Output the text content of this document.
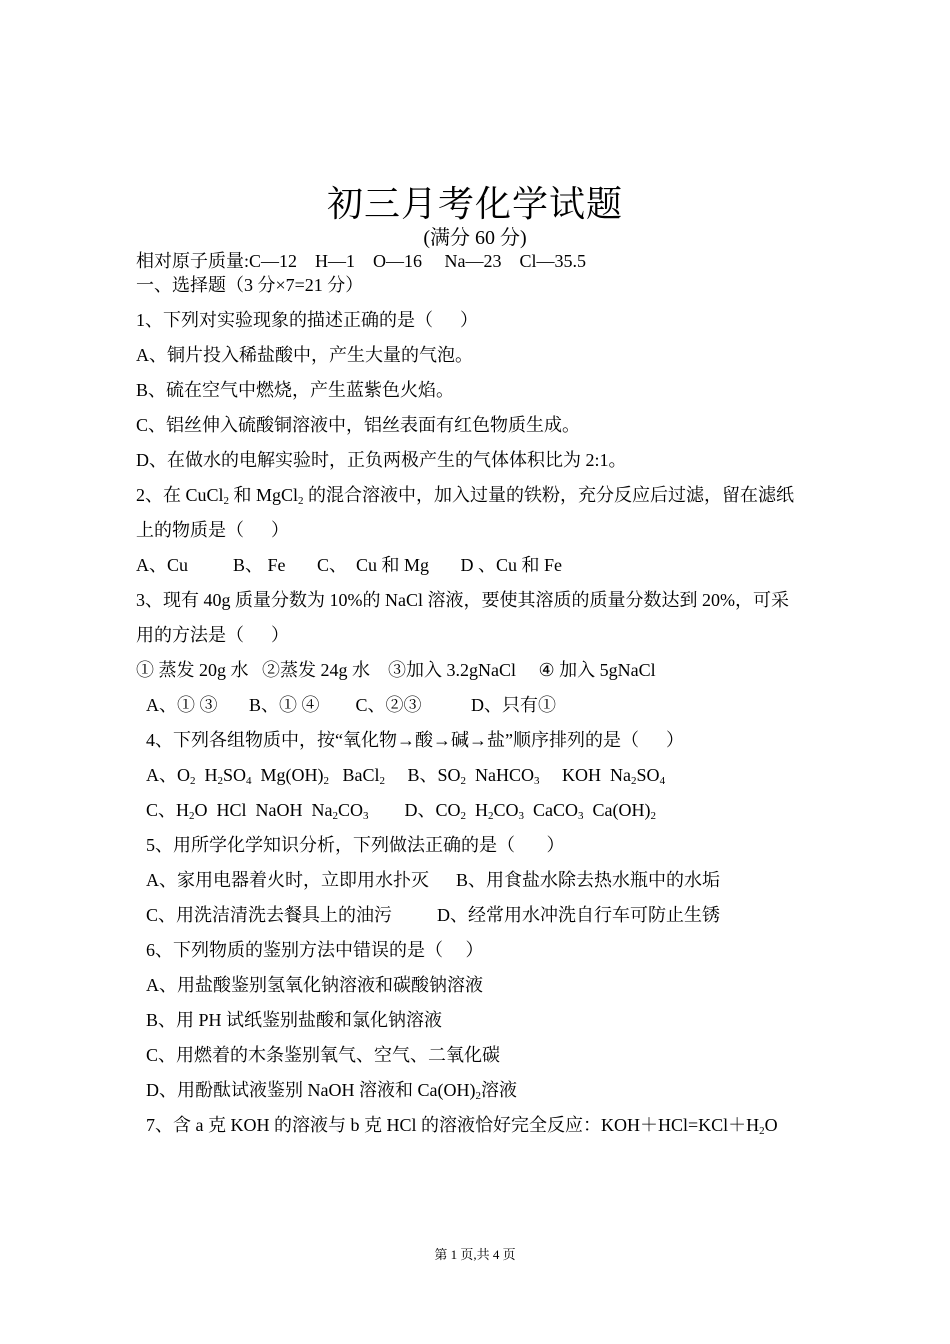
初三月考化学试题
(满分 60 分)
相对原子质量:C—12    H—1    O—16     Na—23    Cl—35.5
一、选择题（3 分×7=21 分）
1、下列对实验现象的描述正确的是（      ）
A、铜片投入稀盐酸中，产生大量的气泡。
B、硫在空气中燃烧，产生蓝紫色火焰。
C、铝丝伸入硫酸铜溶液中，铝丝表面有红色物质生成。
D、在做水的电解实验时，正负两极产生的气体体积比为 2:1。
2、在 CuCl$_2$ 和 MgCl$_2$ 的混合溶液中，加入过量的铁粉，充分反应后过滤，留在滤纸
上的物质是（      ）
A、Cu          B、 Fe       C、  Cu 和 Mg       D 、Cu 和 Fe
3、现有 40g 质量分数为 10%的 NaCl 溶液，要使其溶质的质量分数达到 20%，可采
用的方法是（      ）
① 蒸发 20g 水   ②蒸发 24g 水    ③加入 3.2gNaCl     ④ 加入 5gNaCl
A、① ③       B、① ④        C、②③           D、只有①
4、下列各组物质中，按“氧化物→酸→碱→盐”顺序排列的是（      ）
A、$O_2$  $H_2SO_4$  $Mg(OH)_2$   BaCl$_2$     B、$SO_2$  NaHCO$_3$     KOH  $Na_2SO_4$
C、$H_2O$  HCl  NaOH  $Na_2CO_3$        D、$CO_2$  $H_2CO_3$  CaCO$_3$  $Ca(OH)_2$
5、用所学化学知识分析，下列做法正确的是（       ）
A、家用电器着火时，立即用水扑灭      B、用食盐水除去热水瓶中的水垢
C、用洗洁清洗去餐具上的油污          D、经常用水冲洗自行车可防止生锈
6、下列物质的鉴别方法中错误的是（     ）
A、用盐酸鉴别氢氧化钠溶液和碳酸钠溶液
B、用 PH 试纸鉴别盐酸和氯化钠溶液
C、用燃着的木条鉴别氧气、空气、二氧化碳
D、用酚酞试液鉴别 NaOH 溶液和 $Ca(OH)_2$溶液
7、含 a 克 KOH 的溶液与 b 克 HCl 的溶液恰好完全反应：$KOH+HCl=KCl+H_2O$
第 1 页,共 4 页
